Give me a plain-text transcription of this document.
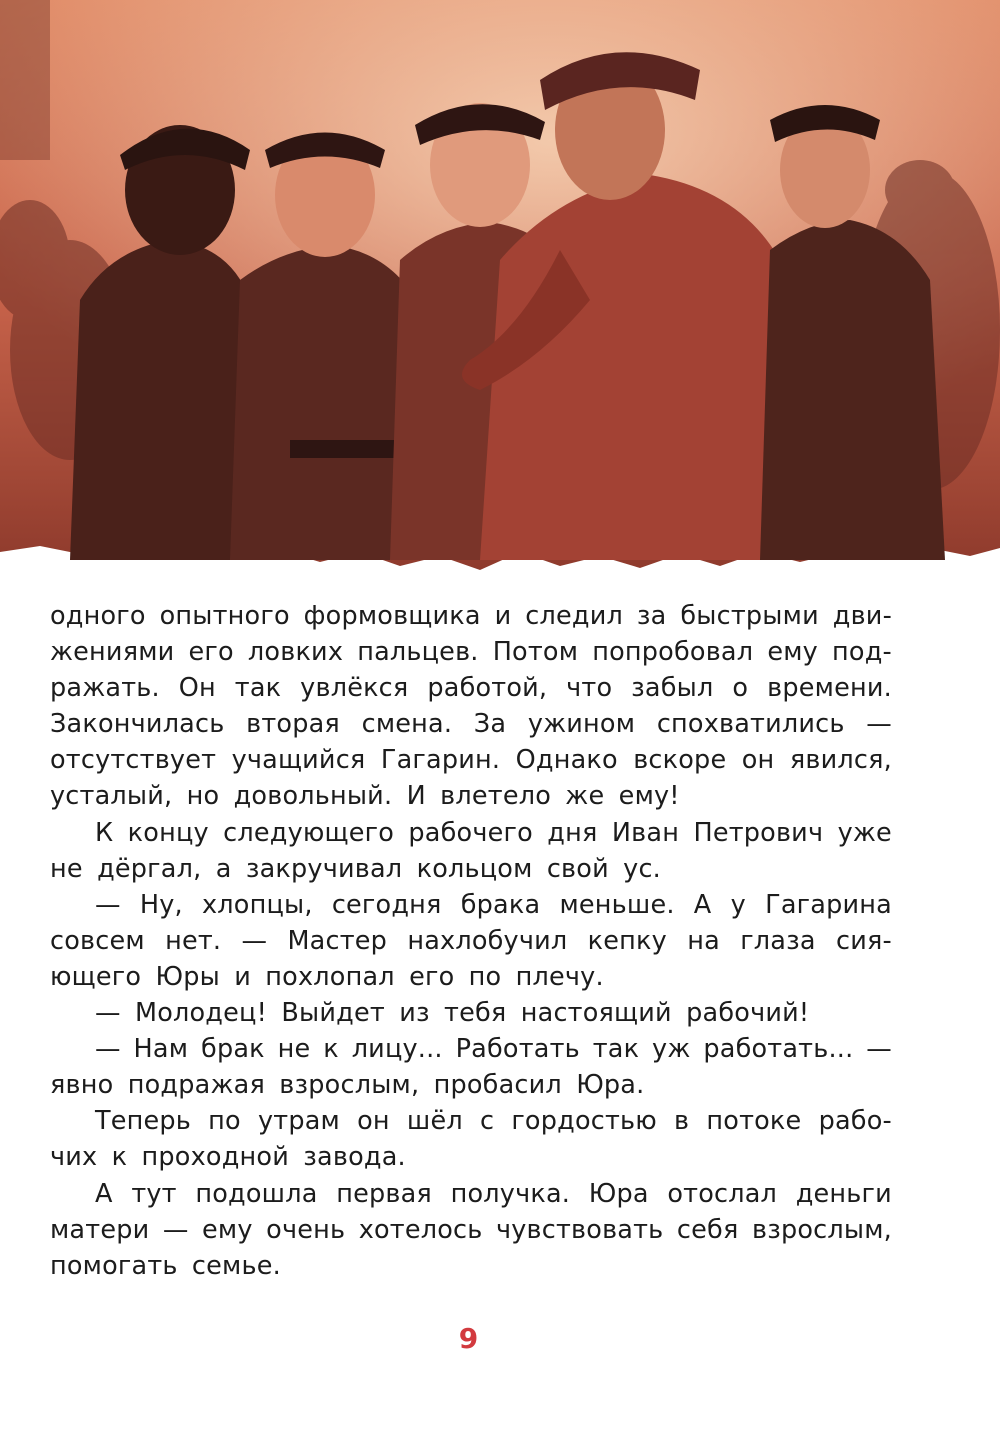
одного опытного формовщика и следил за быстрыми дви-
жениями его ловких пальцев. Потом попробовал ему под-
ражать. Он так увлёкся работой, что забыл о времени.
Закончилась вторая смена. За ужином спохватились —
отсутствует учащийся Гагарин. Однако вскоре он явился,
усталый, но довольный. И влетело же ему!
К концу следующего рабочего дня Иван Петрович уже
не дёргал, а закручивал кольцом свой ус.
— Ну, хлопцы, сегодня брака меньше. А у Гагарина
совсем нет. — Мастер нахлобучил кепку на глаза сия-
ющего Юры и похлопал его по плечу.
— Молодец! Выйдет из тебя настоящий рабочий!
— Нам брак не к лицу... Работать так уж работать... —
явно подражая взрослым, пробасил Юра.
Теперь по утрам он шёл с гордостью в потоке рабо-
чих к проходной завода.
А тут подошла первая получка. Юра отослал деньги
матери — ему очень хотелось чувствовать себя взрослым,
помогать семье.
9
